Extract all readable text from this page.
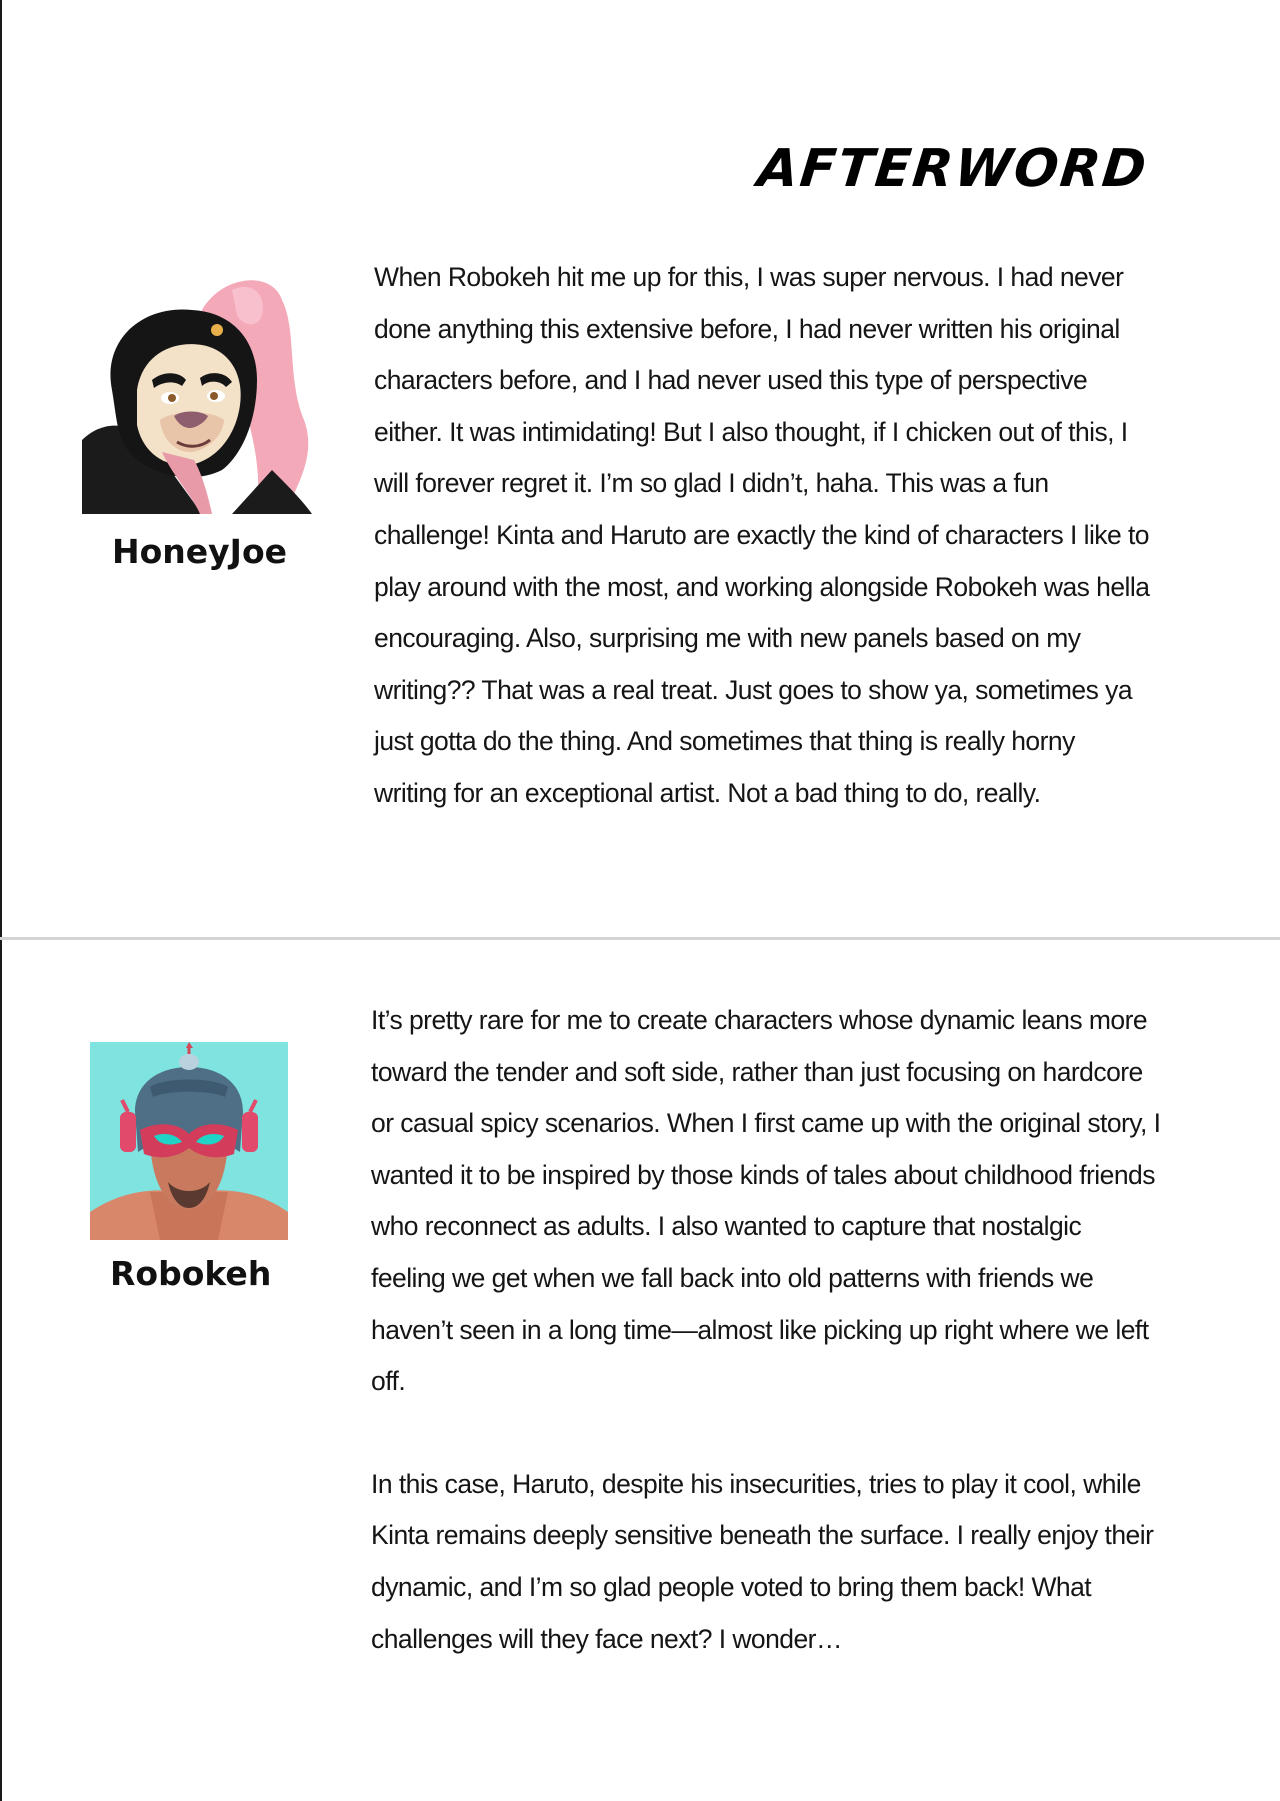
AFTERWORD
HoneyJoe

When Robokeh hit me up for this, I was super nervous. I had never done anything this extensive before, I had never written his original characters before, and I had never used this type of perspective either. It was intimidating! But I also thought, if I chicken out of this, I will forever regret it. I’m so glad I didn’t, haha. This was a fun challenge! Kinta and Haruto are exactly the kind of characters I like to play around with the most, and working alongside Robokeh was hella encouraging. Also, surprising me with new panels based on my writing?? That was a real treat. Just goes to show ya, sometimes ya just gotta do the thing. And sometimes that thing is really horny writing for an exceptional artist. Not a bad thing to do, really.

Robokeh

It’s pretty rare for me to create characters whose dynamic leans more toward the tender and soft side, rather than just focusing on hardcore or casual spicy scenarios. When I first came up with the original story, I wanted it to be inspired by those kinds of tales about childhood friends who reconnect as adults. I also wanted to capture that nostalgic feeling we get when we fall back into old patterns with friends we haven’t seen in a long time—almost like picking up right where we left off.

In this case, Haruto, despite his insecurities, tries to play it cool, while Kinta remains deeply sensitive beneath the surface. I really enjoy their dynamic, and I’m so glad people voted to bring them back! What challenges will they face next? I wonder…
